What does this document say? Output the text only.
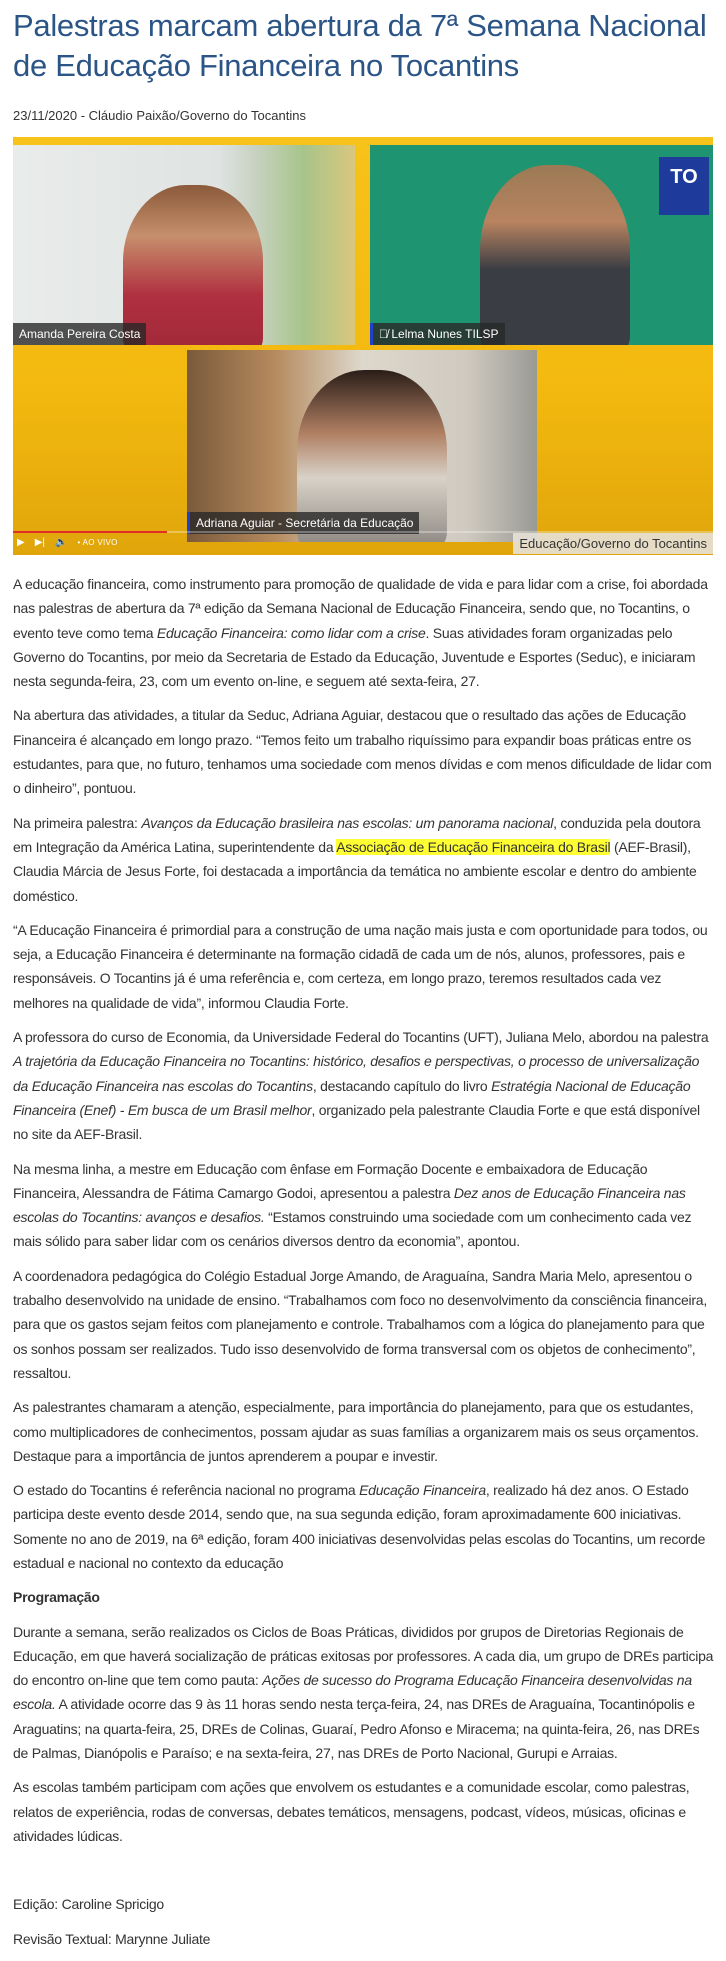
Palestras marcam abertura da 7ª Semana Nacional de Educação Financeira no Tocantins
23/11/2020 - Cláudio Paixão/Governo do Tocantins
Amanda Pereira Costa
TO
🎙̸ Lelma Nunes TILSP
Adriana Aguiar - Secretária da Educação
▶ ▶| 🔈 • AO VIVO	Educação/Governo do Tocantins

A educação financeira, como instrumento para promoção de qualidade de vida e para lidar com a crise, foi abordada nas palestras de abertura da 7ª edição da Semana Nacional de Educação Financeira, sendo que, no Tocantins, o evento teve como tema Educação Financeira: como lidar com a crise. Suas atividades foram organizadas pelo Governo do Tocantins, por meio da Secretaria de Estado da Educação, Juventude e Esportes (Seduc), e iniciaram nesta segunda-feira, 23, com um evento on-line, e seguem até sexta-feira, 27.

Na abertura das atividades, a titular da Seduc, Adriana Aguiar, destacou que o resultado das ações de Educação Financeira é alcançado em longo prazo. “Temos feito um trabalho riquíssimo para expandir boas práticas entre os estudantes, para que, no futuro, tenhamos uma sociedade com menos dívidas e com menos dificuldade de lidar com o dinheiro”, pontuou.

Na primeira palestra: Avanços da Educação brasileira nas escolas: um panorama nacional, conduzida pela doutora em Integração da América Latina, superintendente da Associação de Educação Financeira do Brasil (AEF-Brasil), Claudia Márcia de Jesus Forte, foi destacada a importância da temática no ambiente escolar e dentro do ambiente doméstico.

“A Educação Financeira é primordial para a construção de uma nação mais justa e com oportunidade para todos, ou seja, a Educação Financeira é determinante na formação cidadã de cada um de nós, alunos, professores, pais e responsáveis. O Tocantins já é uma referência e, com certeza, em longo prazo, teremos resultados cada vez melhores na qualidade de vida”, informou Claudia Forte.

A professora do curso de Economia, da Universidade Federal do Tocantins (UFT), Juliana Melo, abordou na palestra A trajetória da Educação Financeira no Tocantins: histórico, desafios e perspectivas, o processo de universalização da Educação Financeira nas escolas do Tocantins, destacando capítulo do livro Estratégia Nacional de Educação Financeira (Enef) - Em busca de um Brasil melhor, organizado pela palestrante Claudia Forte e que está disponível no site da AEF-Brasil.

Na mesma linha, a mestre em Educação com ênfase em Formação Docente e embaixadora de Educação Financeira, Alessandra de Fátima Camargo Godoi, apresentou a palestra Dez anos de Educação Financeira nas escolas do Tocantins: avanços e desafios. “Estamos construindo uma sociedade com um conhecimento cada vez mais sólido para saber lidar com os cenários diversos dentro da economia”, apontou.

A coordenadora pedagógica do Colégio Estadual Jorge Amando, de Araguaína, Sandra Maria Melo, apresentou o trabalho desenvolvido na unidade de ensino. “Trabalhamos com foco no desenvolvimento da consciência financeira, para que os gastos sejam feitos com planejamento e controle. Trabalhamos com a lógica do planejamento para que os sonhos possam ser realizados. Tudo isso desenvolvido de forma transversal com os objetos de conhecimento”, ressaltou.

As palestrantes chamaram a atenção, especialmente, para importância do planejamento, para que os estudantes, como multiplicadores de conhecimentos, possam ajudar as suas famílias a organizarem mais os seus orçamentos. Destaque para a importância de juntos aprenderem a poupar e investir.

O estado do Tocantins é referência nacional no programa Educação Financeira, realizado há dez anos. O Estado participa deste evento desde 2014, sendo que, na sua segunda edição, foram aproximadamente 600 iniciativas. Somente no ano de 2019, na 6ª edição, foram 400 iniciativas desenvolvidas pelas escolas do Tocantins, um recorde estadual e nacional no contexto da educação

Programação

Durante a semana, serão realizados os Ciclos de Boas Práticas, divididos por grupos de Diretorias Regionais de Educação, em que haverá socialização de práticas exitosas por professores. A cada dia, um grupo de DREs participa do encontro on-line que tem como pauta: Ações de sucesso do Programa Educação Financeira desenvolvidas na escola. A atividade ocorre das 9 às 11 horas sendo nesta terça-feira, 24, nas DREs de Araguaína, Tocantinópolis e Araguatins; na quarta-feira, 25, DREs de Colinas, Guaraí, Pedro Afonso e Miracema; na quinta-feira, 26, nas DREs de Palmas, Dianópolis e Paraíso; e na sexta-feira, 27, nas DREs de Porto Nacional, Gurupi e Arraias.

As escolas também participam com ações que envolvem os estudantes e a comunidade escolar, como palestras, relatos de experiência, rodas de conversas, debates temáticos, mensagens, podcast, vídeos, músicas, oficinas e atividades lúdicas.

Edição: Caroline Spricigo

Revisão Textual: Marynne Juliate
